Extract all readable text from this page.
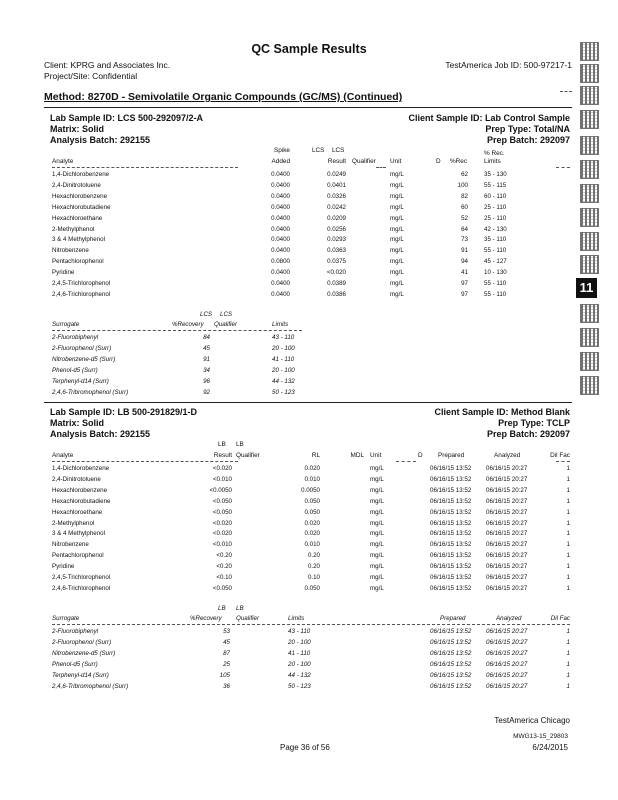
QC Sample Results
Client: KPRG and Associates Inc.	TestAmerica Job ID: 500-97217-1
Project/Site: Confidential
Method: 8270D - Semivolatile Organic Compounds (GC/MS) (Continued)
Lab Sample ID: LCS 500-292097/2-A	Client Sample ID: Lab Control Sample
Matrix: Solid	Prep Type: Total/NA
Analysis Batch: 292155	Prep Batch: 292097
Spike	LCS LCS	% Rec.
Analyte	Added	Result Qualifier Unit	D %Rec	Limits
1,4-Dichlorobenzene	0.0400	0.0249	mg/L	62	35 - 130
2,4-Dinitrotoluene	0.0400	0.0401	mg/L	100	55 - 115
Hexachlorobenzene	0.0400	0.0326	mg/L	82	60 - 110
Hexachlorobutadiene	0.0400	0.0242	mg/L	60	25 - 110
Hexachloroethane	0.0400	0.0209	mg/L	52	25 - 110
2-Methylphenol	0.0400	0.0256	mg/L	64	42 - 130
3 & 4 Methylphenol	0.0400	0.0293	mg/L	73	35 - 110
Nitrobenzene	0.0400	0.0363	mg/L	91	55 - 110
Pentachlorophenol	0.0800	0.0375	mg/L	94	45 - 127
Pyridine	0.0400	<0.020	mg/L	41	10 - 130
2,4,5-Trichlorophenol	0.0400	0.0389	mg/L	97	55 - 110
2,4,6-Trichlorophenol	0.0400	0.0386	mg/L	97	55 - 110
LCS LCS
Surrogate	%Recovery Qualifier	Limits
2-Fluorobiphenyl	84	43 - 110
2-Fluorophenol (Surr)	45	20 - 100
Nitrobenzene-d5 (Surr)	91	41 - 110
Phenol-d5 (Surr)	34	20 - 100
Terphenyl-d14 (Surr)	96	44 - 132
2,4,6-Tribromophenol (Surr)	92	50 - 123
Lab Sample ID: LB 500-291829/1-D	Client Sample ID: Method Blank
Matrix: Solid	Prep Type: TCLP
Analysis Batch: 292155	Prep Batch: 292097
LB LB
Analyte	Result Qualifier	RL	MDL Unit	D Prepared	Analyzed	Dil Fac
1,4-Dichlorobenzene	<0.020	0.020	mg/L	06/16/15 13:52 06/16/15 20:27	1
2,4-Dinitrotoluene	<0.010	0.010	mg/L	06/16/15 13:52 06/16/15 20:27	1
Hexachlorobenzene	<0.0050	0.0050	mg/L	06/16/15 13:52 06/16/15 20:27	1
Hexachlorobutadiene	<0.050	0.050	mg/L	06/16/15 13:52 06/16/15 20:27	1
Hexachloroethane	<0.050	0.050	mg/L	06/16/15 13:52 06/16/15 20:27	1
2-Methylphenol	<0.020	0.020	mg/L	06/16/15 13:52 06/16/15 20:27	1
3 & 4 Methylphenol	<0.020	0.020	mg/L	06/16/15 13:52 06/16/15 20:27	1
Nitrobenzene	<0.010	0.010	mg/L	06/16/15 13:52 06/16/15 20:27	1
Pentachlorophenol	<0.20	0.20	mg/L	06/16/15 13:52 06/16/15 20:27	1
Pyridine	<0.20	0.20	mg/L	06/16/15 13:52 06/16/15 20:27	1
2,4,5-Trichlorophenol	<0.10	0.10	mg/L	06/16/15 13:52 06/16/15 20:27	1
2,4,6-Trichlorophenol	<0.050	0.050	mg/L	06/16/15 13:52 06/16/15 20:27	1
LB LB
Surrogate	%Recovery Qualifier	Limits	Prepared	Analyzed	Dil Fac
2-Fluorobiphenyl	53	43 - 110	06/16/15 13:52 06/16/15 20:27	1
2-Fluorophenol (Surr)	45	20 - 100	06/16/15 13:52 06/16/15 20:27	1
Nitrobenzene-d5 (Surr)	87	41 - 110	06/16/15 13:52 06/16/15 20:27	1
Phenol-d5 (Surr)	25	20 - 100	06/16/15 13:52 06/16/15 20:27	1
Terphenyl-d14 (Surr)	105	44 - 132	06/16/15 13:52 06/16/15 20:27	1
2,4,6-Tribromophenol (Surr)	36	50 - 123	06/16/15 13:52 06/16/15 20:27	1
TestAmerica Chicago
Page 36 of 56
MWG13-15_29803
6/24/2015
11
